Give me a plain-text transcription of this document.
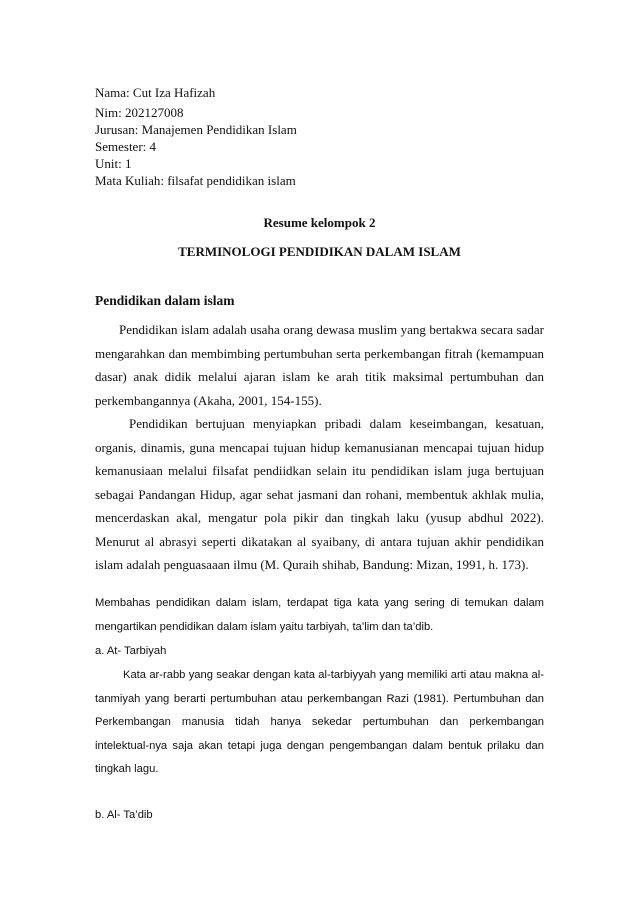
Nama: Cut Iza Hafizah
Nim: 202127008
Jurusan: Manajemen Pendidikan Islam
Semester: 4
Unit: 1
Mata Kuliah: filsafat pendidikan islam
Resume kelompok 2
TERMINOLOGI PENDIDIKAN DALAM ISLAM
Pendidikan dalam islam
Pendidikan islam adalah usaha orang dewasa muslim yang bertakwa secara sadar mengarahkan dan membimbing pertumbuhan serta perkembangan fitrah (kemampuan dasar) anak didik melalui ajaran islam ke arah titik maksimal pertumbuhan dan perkembangannya (Akaha, 2001, 154-155).
Pendidikan bertujuan menyiapkan pribadi dalam keseimbangan, kesatuan, organis, dinamis, guna mencapai tujuan hidup kemanusianan mencapai tujuan hidup kemanusiaan melalui filsafat pendiidkan selain itu pendidikan islam juga bertujuan sebagai Pandangan Hidup, agar sehat jasmani dan rohani, membentuk akhlak mulia, mencerdaskan akal, mengatur pola pikir dan tingkah laku (yusup abdhul 2022). Menurut al abrasyi seperti dikatakan al syaibany, di antara tujuan akhir pendidikan islam adalah penguasaaan ilmu (M. Quraih shihab, Bandung: Mizan, 1991, h. 173).
Membahas pendidikan dalam islam, terdapat tiga kata yang sering di temukan dalam mengartikan pendidikan dalam islam yaitu tarbiyah, ta’lim dan ta’dib.
a. At- Tarbiyah
Kata ar-rabb yang seakar dengan kata al-tarbiyyah yang memiliki arti atau makna al-tanmiyah yang berarti pertumbuhan atau perkembangan Razi (1981). Pertumbuhan dan Perkembangan manusia tidah hanya sekedar pertumbuhan dan perkembangan intelektual-nya saja akan tetapi juga dengan pengembangan dalam bentuk prilaku dan tingkah lagu.
b. Al- Ta’dib
